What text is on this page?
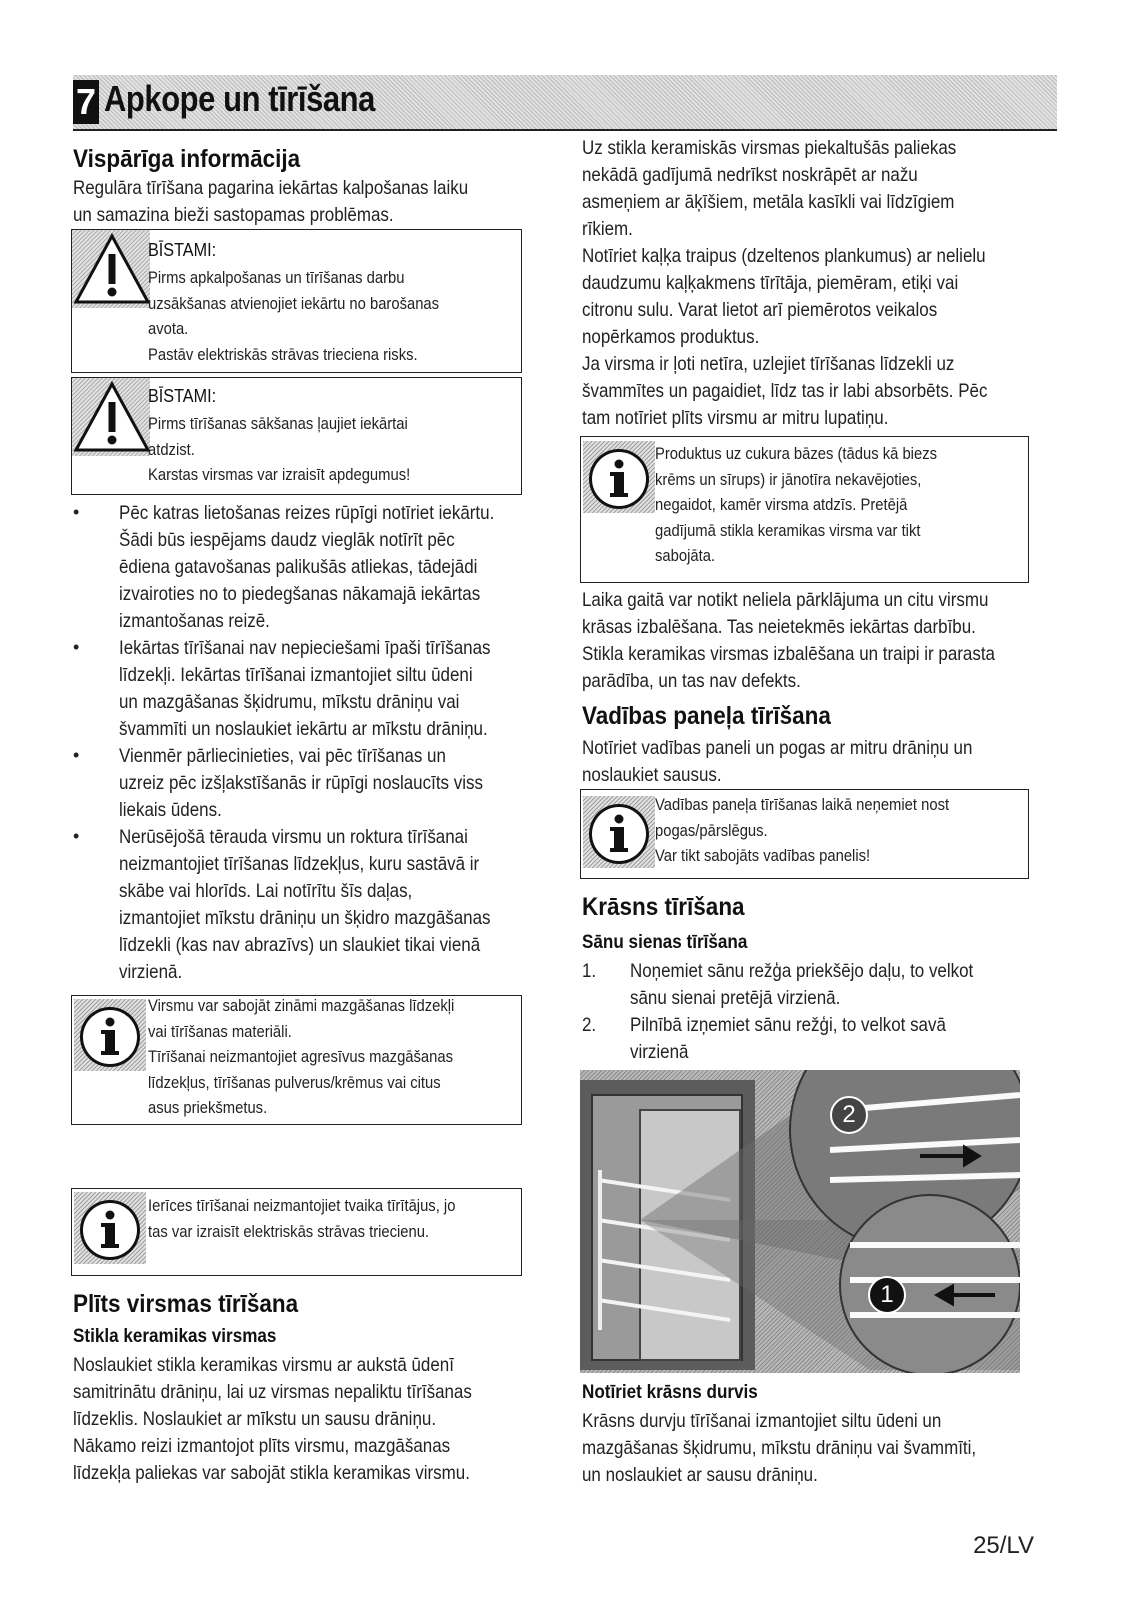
7 Apkope un tīrīšana
Vispārīga informācija
Regulāra tīrīšana pagarina iekārtas kalpošanas laiku
un samazina bieži sastopamas problēmas.
BĪSTAMI:
Pirms apkalpošanas un tīrīšanas darbu
uzsākšanas atvienojiet iekārtu no barošanas
avota.
Pastāv elektriskās strāvas trieciena risks.
BĪSTAMI:
Pirms tīrīšanas sākšanas ļaujiet iekārtai
atdzist.
Karstas virsmas var izraisīt apdegumus!
• Pēc katras lietošanas reizes rūpīgi notīriet iekārtu.
Šādi būs iespējams daudz vieglāk notīrīt pēc
ēdiena gatavošanas palikušās atliekas, tādejādi
izvairoties no to piedegšanas nākamajā iekārtas
izmantošanas reizē.
• Iekārtas tīrīšanai nav nepieciešami īpaši tīrīšanas
līdzekļi. Iekārtas tīrīšanai izmantojiet siltu ūdeni
un mazgāšanas šķidrumu, mīkstu drāniņu vai
švammīti un noslaukiet iekārtu ar mīkstu drāniņu.
• Vienmēr pārliecinieties, vai pēc tīrīšanas un
uzreiz pēc izšļakstīšanās ir rūpīgi noslaucīts viss
liekais ūdens.
• Nerūsējošā tērauda virsmu un roktura tīrīšanai
neizmantojiet tīrīšanas līdzekļus, kuru sastāvā ir
skābe vai hlorīds. Lai notīrītu šīs daļas,
izmantojiet mīkstu drāniņu un šķidro mazgāšanas
līdzekli (kas nav abrazīvs) un slaukiet tikai vienā
virzienā.
Virsmu var sabojāt zināmi mazgāšanas līdzekļi
vai tīrīšanas materiāli.
Tīrīšanai neizmantojiet agresīvus mazgāšanas
līdzekļus, tīrīšanas pulverus/krēmus vai citus
asus priekšmetus.
Ierīces tīrīšanai neizmantojiet tvaika tīrītājus, jo
tas var izraisīt elektriskās strāvas triecienu.
Plīts virsmas tīrīšana
Stikla keramikas virsmas
Noslaukiet stikla keramikas virsmu ar aukstā ūdenī
samitrinātu drāniņu, lai uz virsmas nepaliktu tīrīšanas
līdzeklis. Noslaukiet ar mīkstu un sausu drāniņu.
Nākamo reizi izmantojot plīts virsmu, mazgāšanas
līdzekļa paliekas var sabojāt stikla keramikas virsmu.
Uz stikla keramiskās virsmas piekaltušās paliekas
nekādā gadījumā nedrīkst noskrāpēt ar nažu
asmeņiem ar āķīšiem, metāla kasīkli vai līdzīgiem
rīkiem.
Notīriet kaļķa traipus (dzeltenos plankumus) ar nelielu
daudzumu kaļķakmens tīrītāja, piemēram, etiķi vai
citronu sulu. Varat lietot arī piemērotos veikalos
nopērkamos produktus.
Ja virsma ir ļoti netīra, uzlejiet tīrīšanas līdzekli uz
švammītes un pagaidiet, līdz tas ir labi absorbēts. Pēc
tam notīriet plīts virsmu ar mitru lupatiņu.
Produktus uz cukura bāzes (tādus kā biezs
krēms un sīrups) ir jānotīra nekavējoties,
negaidot, kamēr virsma atdzīs. Pretējā
gadījumā stikla keramikas virsma var tikt
sabojāta.
Laika gaitā var notikt neliela pārklājuma un citu virsmu
krāsas izbalēšana. Tas neietekmēs iekārtas darbību.
Stikla keramikas virsmas izbalēšana un traipi ir parasta
parādība, un tas nav defekts.
Vadības paneļa tīrīšana
Notīriet vadības paneli un pogas ar mitru drāniņu un
noslaukiet sausus.
Vadības paneļa tīrīšanas laikā neņemiet nost
pogas/pārslēgus.
Var tikt sabojāts vadības panelis!
Krāsns tīrīšana
Sānu sienas tīrīšana
1. Noņemiet sānu režģa priekšējo daļu, to velkot
sānu sienai pretējā virzienā.
2. Pilnībā izņemiet sānu režģi, to velkot savā
virzienā
2
1
Notīriet krāsns durvis
Krāsns durvju tīrīšanai izmantojiet siltu ūdeni un
mazgāšanas šķidrumu, mīkstu drāniņu vai švammīti,
un noslaukiet ar sausu drāniņu.
25/LV
